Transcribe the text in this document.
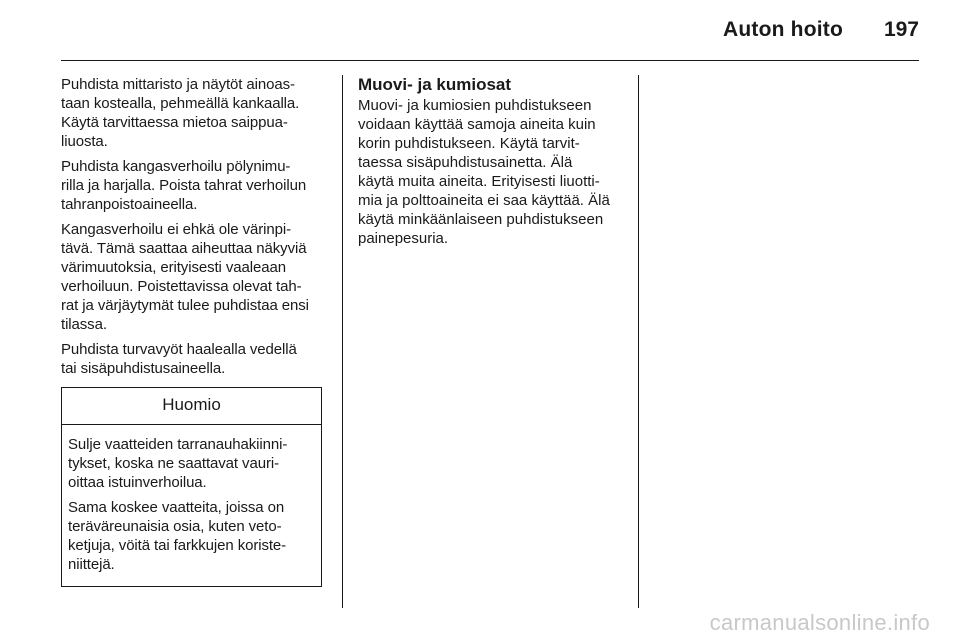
Auton hoito 197

Puhdista mittaristo ja näytöt ainoas-
taan kostealla, pehmeällä kankaalla.
Käytä tarvittaessa mietoa saippua-
liuosta.

Puhdista kangasverhoilu pölynimu-
rilla ja harjalla. Poista tahrat verhoilun
tahranpoistoaineella.

Kangasverhoilu ei ehkä ole värinpi-
tävä. Tämä saattaa aiheuttaa näkyviä
värimuutoksia, erityisesti vaaleaan
verhoiluun. Poistettavissa olevat tah-
rat ja värjäytymät tulee puhdistaa ensi
tilassa.

Puhdista turvavyöt haalealla vedellä
tai sisäpuhdistusaineella.

Huomio

Sulje vaatteiden tarranauhakiinni-
tykset, koska ne saattavat vauri-
oittaa istuinverhoilua.

Sama koskee vaatteita, joissa on
teräväreunaisia osia, kuten veto-
ketjuja, vöitä tai farkkujen koriste-
niittejä.

Muovi- ja kumiosat

Muovi- ja kumiosien puhdistukseen
voidaan käyttää samoja aineita kuin
korin puhdistukseen. Käytä tarvit-
taessa sisäpuhdistusainetta. Älä
käytä muita aineita. Erityisesti liuotti-
mia ja polttoaineita ei saa käyttää. Älä
käytä minkäänlaiseen puhdistukseen
painepesuria.

carmanualsonline.info
